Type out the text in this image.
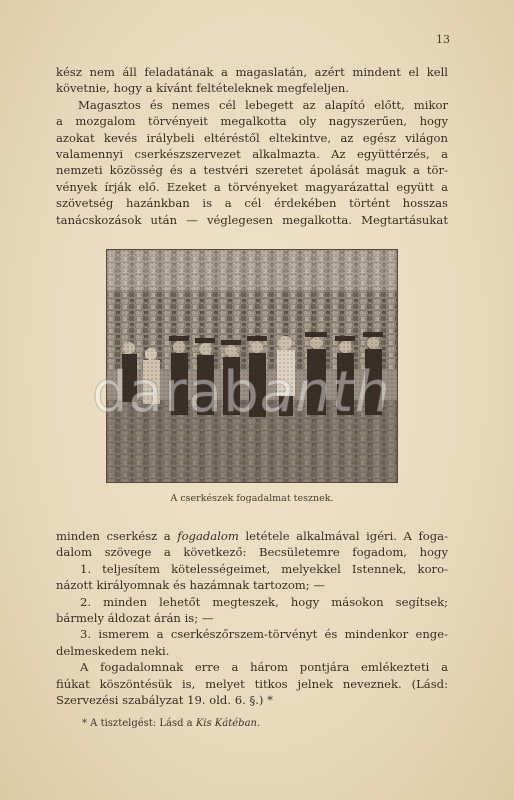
13
kész nem áll feladatának a magaslatán, azért mindent el kell
követnie, hogy a kívánt feltételeknek megfeleljen.
Magasztos és nemes cél lebegett az alapító előtt, mikor
a mozgalom törvényeit megalkotta oly nagyszerűen, hogy
azokat kevés irálybeli eltéréstől eltekintve, az egész világon
valamennyi cserkészszervezet alkalmazta. Az együttérzés, a
nemzeti közösség és a testvéri szeretet ápolását maguk a tör-
vények írják elő. Ezeket a törvényeket magyarázattal együtt a
szövetség hazánkban is a cél érdekében történt hosszas
tanácskozások után — véglegesen megalkotta. Megtartásukat
darabanth
A cserkészek fogadalmat tesznek.
minden cserkész a fogadalom letétele alkalmával igéri. A foga-
dalom szövege a következő: Becsületemre fogadom, hogy
1. teljesítem kötelességeimet, melyekkel Istennek, koro-
názott királyomnak és hazámnak tartozom; —
2. minden lehetőt megteszek, hogy másokon segítsek;
bármely áldozat árán is; —
3. ismerem a cserkészőrszem-törvényt és mindenkor enge-
delmeskedem neki.
A fogadalomnak erre a három pontjára emlékezteti a
fiúkat köszöntésük is, melyet titkos jelnek neveznek. (Lásd:
Szervezési szabályzat 19. old. 6. §.) *
* A tisztelgést: Lásd a Kis Kátéban.
